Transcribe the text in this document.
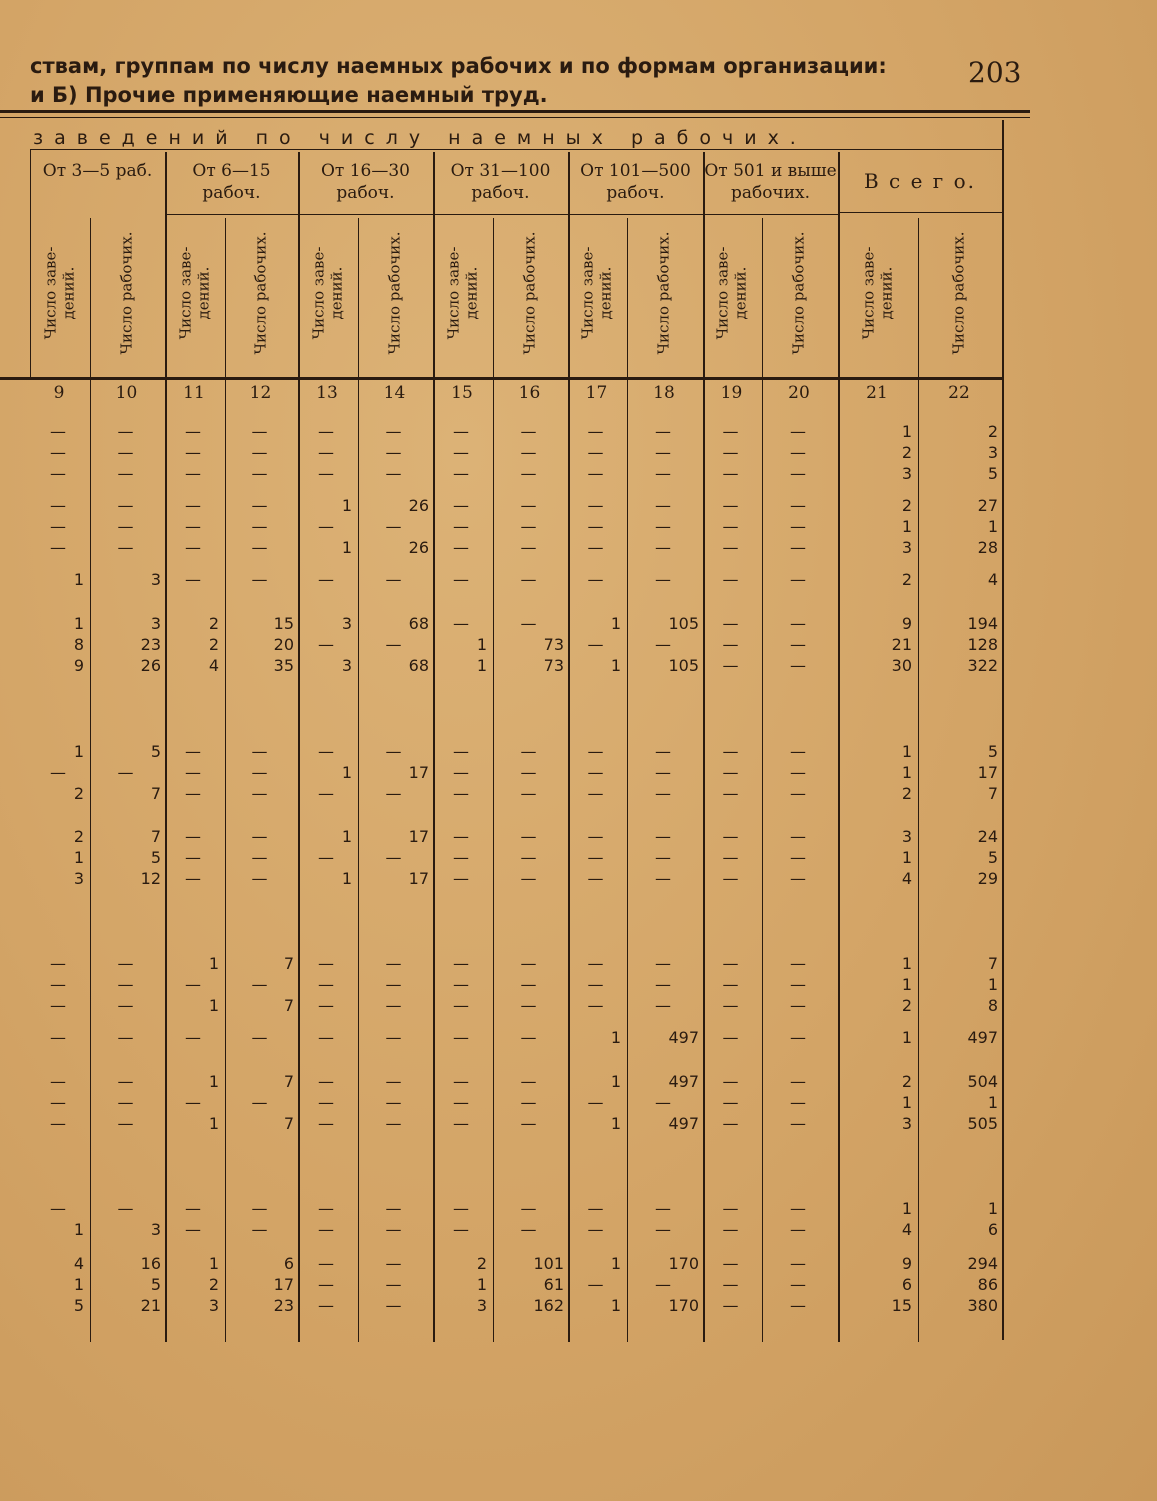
ствам, группам по числу наемных рабочих и по формам организации:
и Б) Прочие применяющие наемный труд.
203
заведений по числу наемных рабочих.
От 3—5 раб.	От 6—15 рабоч.
От 16—30 рабоч.
От 31—100 рабоч.
От 101—500 рабоч.
От 501 и выше рабочих.	В с е г о.
Число заве-
дений.	Число рабочих.	Число заве-
дений.	Число рабочих.	Число заве-
дений.	Число рабочих.	Число заве-
дений.	Число рабочих.	Число заве-
дений.	Число рабочих.	Число заве-
дений.	Число рабочих.	Число заве-
дений.	Число рабочих.
9	10	11	12	13	14	15	16	17	18	19	20	21	22
—	—	—	—	—	—	—	—	—	—	—	—	1	2
—	—	—	—	—	—	—	—	—	—	—	—	2	3
—	—	—	—	—	—	—	—	—	—	—	—	3	5
—	—	—	—	1	26	—	—	—	—	—	—	2	27
—	—	—	—	—	—	—	—	—	—	—	—	1	1
—	—	—	—	1	26	—	—	—	—	—	—	3	28
1	3	—	—	—	—	—	—	—	—	—	—	2	4
1	3	2	15	3	68	—	—	1	105	—	—	9	194
8	23	2	20	—	—	1	73	—	—	—	—	21	128
9	26	4	35	3	68	1	73	1	105	—	—	30	322
1	5	—	—	—	—	—	—	—	—	—	—	1	5
—	—	—	—	1	17	—	—	—	—	—	—	1	17
2	7	—	—	—	—	—	—	—	—	—	—	2	7
2	7	—	—	1	17	—	—	—	—	—	—	3	24
1	5	—	—	—	—	—	—	—	—	—	—	1	5
3	12	—	—	1	17	—	—	—	—	—	—	4	29
—	—	1	7	—	—	—	—	—	—	—	—	1	7
—	—	—	—	—	—	—	—	—	—	—	—	1	1
—	—	1	7	—	—	—	—	—	—	—	—	2	8
—	—	—	—	—	—	—	—	1	497	—	—	1	497
—	—	1	7	—	—	—	—	1	497	—	—	2	504
—	—	—	—	—	—	—	—	—	—	—	—	1	1
—	—	1	7	—	—	—	—	1	497	—	—	3	505
—	—	—	—	—	—	—	—	—	—	—	—	1	1
1	3	—	—	—	—	—	—	—	—	—	—	4	6
4	16	1	6	—	—	2	101	1	170	—	—	9	294
1	5	2	17	—	—	1	61	—	—	—	—	6	86
5	21	3	23	—	—	3	162	1	170	—	—	15	380
